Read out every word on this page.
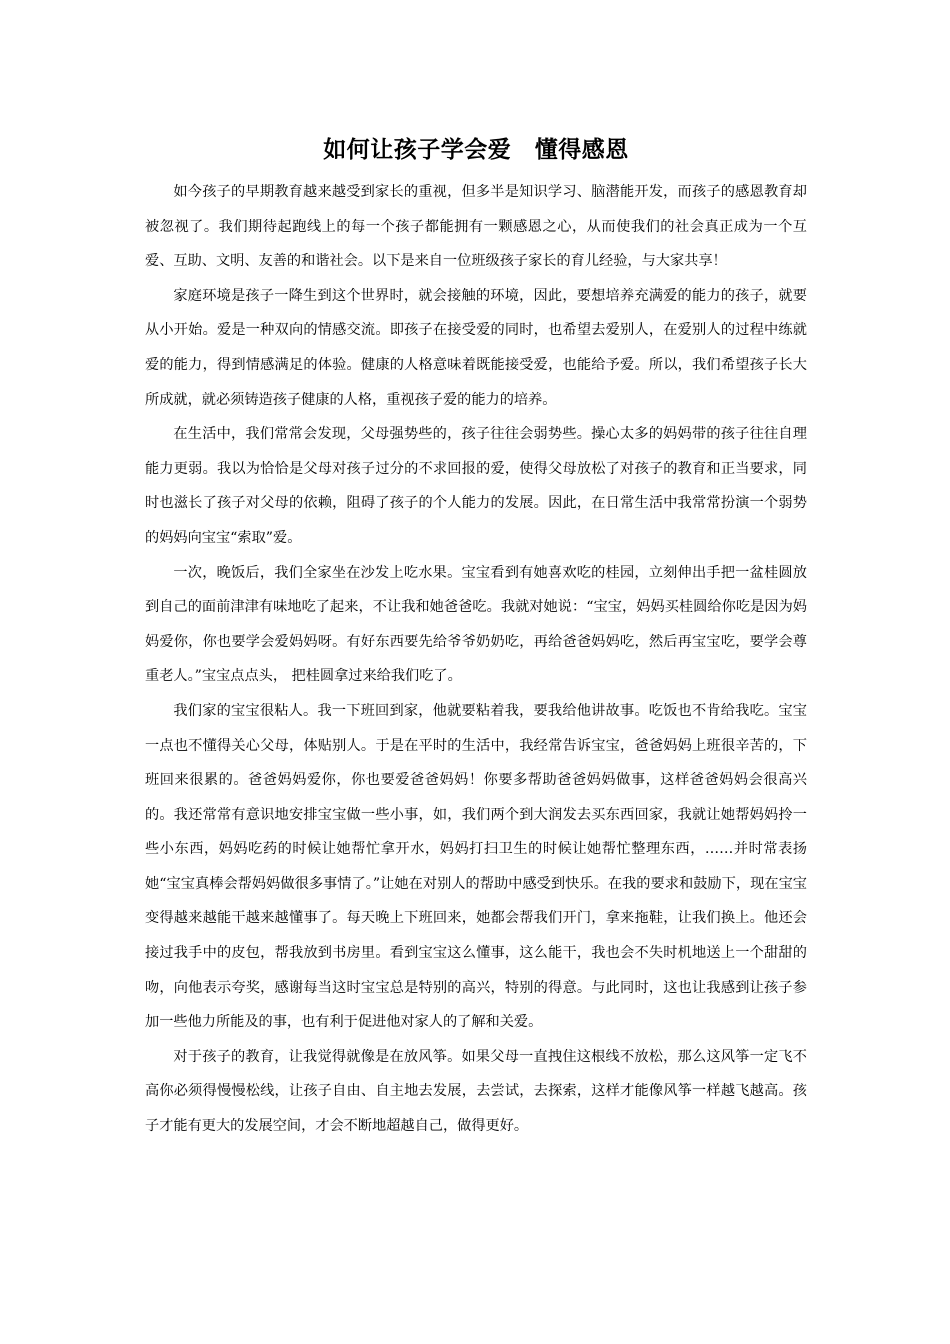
如何让孩子学会爱　懂得感恩

如今孩子的早期教育越来越受到家长的重视，但多半是知识学习、脑潜能开发，而孩子的感恩教育却被忽视了。我们期待起跑线上的每一个孩子都能拥有一颗感恩之心，从而使我们的社会真正成为一个互爱、互助、文明、友善的和谐社会。以下是来自一位班级孩子家长的育儿经验，与大家共享！

家庭环境是孩子一降生到这个世界时，就会接触的环境，因此，要想培养充满爱的能力的孩子，就要从小开始。爱是一种双向的情感交流。即孩子在接受爱的同时，也希望去爱别人，在爱别人的过程中练就爱的能力，得到情感满足的体验。健康的人格意味着既能接受爱，也能给予爱。所以，我们希望孩子长大所成就，就必须铸造孩子健康的人格，重视孩子爱的能力的培养。

在生活中，我们常常会发现，父母强势些的，孩子往往会弱势些。操心太多的妈妈带的孩子往往自理能力更弱。我以为恰恰是父母对孩子过分的不求回报的爱，使得父母放松了对孩子的教育和正当要求，同时也滋长了孩子对父母的依赖，阻碍了孩子的个人能力的发展。因此，在日常生活中我常常扮演一个弱势的妈妈向宝宝“索取”爱。

一次，晚饭后，我们全家坐在沙发上吃水果。宝宝看到有她喜欢吃的桂园，立刻伸出手把一盆桂圆放到自己的面前津津有味地吃了起来，不让我和她爸爸吃。我就对她说：“宝宝，妈妈买桂圆给你吃是因为妈妈爱你，你也要学会爱妈妈呀。有好东西要先给爷爷奶奶吃，再给爸爸妈妈吃，然后再宝宝吃，要学会尊重老人。”宝宝点点头， 把桂圆拿过来给我们吃了。

我们家的宝宝很粘人。我一下班回到家，他就要粘着我，要我给他讲故事。吃饭也不肯给我吃。宝宝一点也不懂得关心父母，体贴别人。于是在平时的生活中，我经常告诉宝宝，爸爸妈妈上班很辛苦的，下班回来很累的。爸爸妈妈爱你，你也要爱爸爸妈妈！你要多帮助爸爸妈妈做事，这样爸爸妈妈会很高兴的。我还常常有意识地安排宝宝做一些小事，如，我们两个到大润发去买东西回家，我就让她帮妈妈拎一些小东西，妈妈吃药的时候让她帮忙拿开水，妈妈打扫卫生的时候让她帮忙整理东西，……并时常表扬她“宝宝真棒会帮妈妈做很多事情了。”让她在对别人的帮助中感受到快乐。在我的要求和鼓励下，现在宝宝变得越来越能干越来越懂事了。每天晚上下班回来，她都会帮我们开门，拿来拖鞋，让我们换上。他还会接过我手中的皮包，帮我放到书房里。看到宝宝这么懂事，这么能干，我也会不失时机地送上一个甜甜的吻，向他表示夸奖，感谢每当这时宝宝总是特别的高兴，特别的得意。与此同时，这也让我感到让孩子参加一些他力所能及的事，也有利于促进他对家人的了解和关爱。

对于孩子的教育，让我觉得就像是在放风筝。如果父母一直拽住这根线不放松，那么这风筝一定飞不高你必须得慢慢松线，让孩子自由、自主地去发展，去尝试，去探索，这样才能像风筝一样越飞越高。孩子才能有更大的发展空间，才会不断地超越自己，做得更好。
